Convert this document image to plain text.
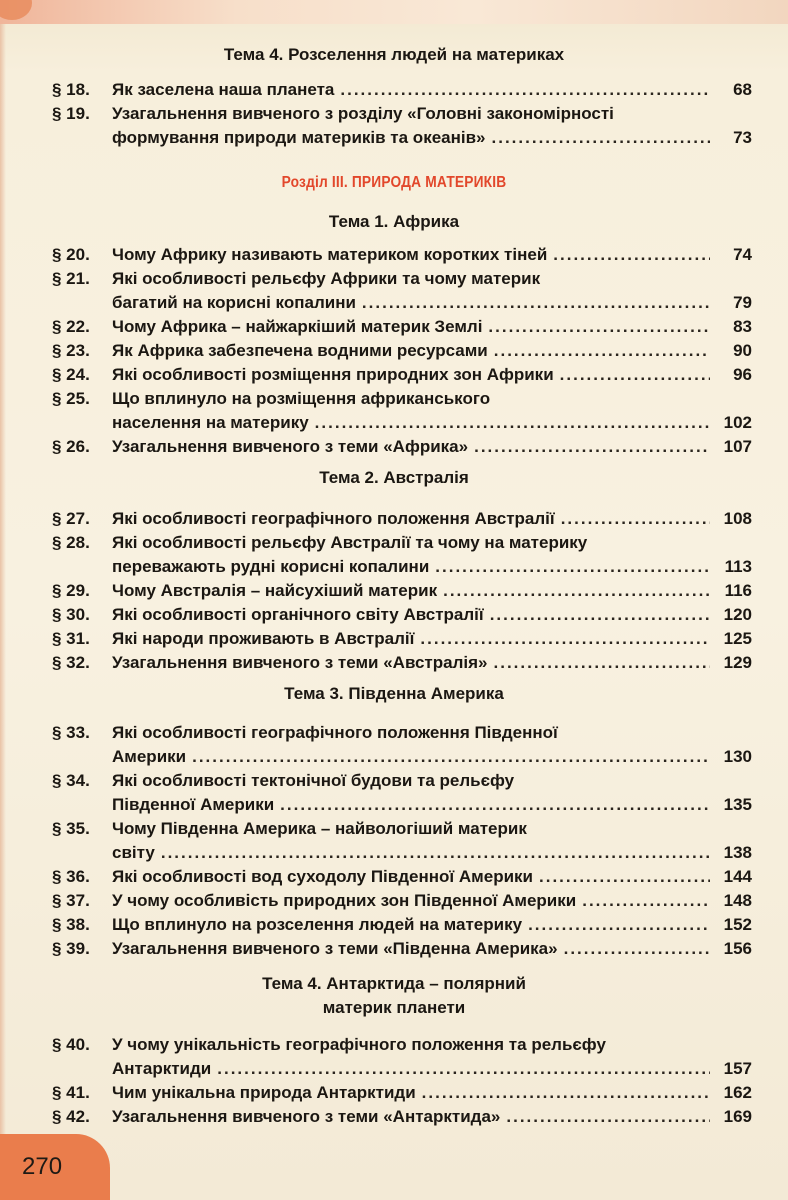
Розділ ІІІ. ПРИРОДА МАТЕРИКІВ
Тема 4. Розселення людей на материках
§ 18.	Як заселена наша планета .....	68
§ 19.	Узагальнення вивченого з розділу «Головні закономірності
формування природи материків та океанів» .....	73
Тема 1. Африка
§ 20.	Чому Африку називають материком коротких тіней .....	74
§ 21.	Які особливості рельєфу Африки та чому материк
багатий на корисні копалини .....	79
§ 22.	Чому Африка – найжаркіший материк Землі .....	83
§ 23.	Як Африка забезпечена водними ресурсами .....	90
§ 24.	Які особливості розміщення природних зон Африки .....	96
§ 25.	Що вплинуло на розміщення африканського
населення на материку .....	102
§ 26.	Узагальнення вивченого з теми «Африка» .....	107
Тема 2. Австралія
§ 27.	Які особливості географічного положення Австралії .....	108
§ 28.	Які особливості рельєфу Австралії та чому на материку
переважають рудні корисні копалини .....	113
§ 29.	Чому Австралія – найсухіший материк .....	116
§ 30.	Які особливості органічного світу Австралії .....	120
§ 31.	Які народи проживають в Австралії .....	125
§ 32.	Узагальнення вивченого з теми «Австралія» .....	129
Тема 3. Південна Америка
§ 33.	Які особливості географічного положення Південної
Америки .....	130
§ 34.	Які особливості тектонічної будови та рельєфу
Південної Америки .....	135
§ 35.	Чому Південна Америка – найвологіший материк
світу .....	138
§ 36.	Які особливості вод суходолу Південної Америки .....	144
§ 37.	У чому особливість природних зон Південної Америки .....	148
§ 38.	Що вплинуло на розселення людей на материку .....	152
§ 39.	Узагальнення вивченого з теми «Південна Америка» .....	156
Тема 4. Антарктида – полярний
материк планети
§ 40.	У чому унікальність географічного положення та рельєфу
Антарктиди .....	157
§ 41.	Чим унікальна природа Антарктиди .....	162
§ 42.	Узагальнення вивченого з теми «Антарктида» .....	169
270
